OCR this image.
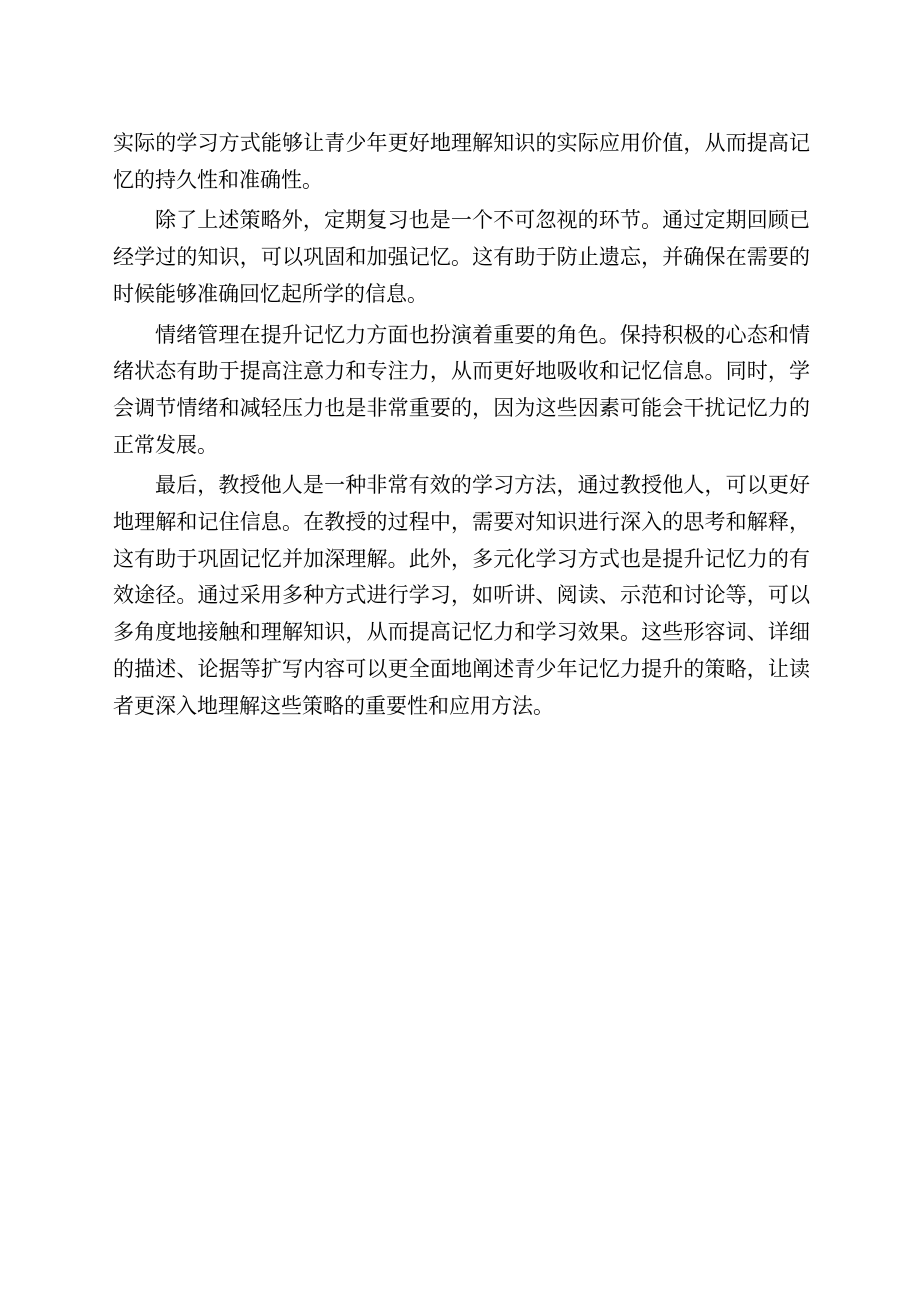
实际的学习方式能够让青少年更好地理解知识的实际应用价值，从而提高记忆的持久性和准确性。

除了上述策略外，定期复习也是一个不可忽视的环节。通过定期回顾已经学过的知识，可以巩固和加强记忆。这有助于防止遗忘，并确保在需要的时候能够准确回忆起所学的信息。

情绪管理在提升记忆力方面也扮演着重要的角色。保持积极的心态和情绪状态有助于提高注意力和专注力，从而更好地吸收和记忆信息。同时，学会调节情绪和减轻压力也是非常重要的，因为这些因素可能会干扰记忆力的正常发展。

最后，教授他人是一种非常有效的学习方法，通过教授他人，可以更好地理解和记住信息。在教授的过程中，需要对知识进行深入的思考和解释，这有助于巩固记忆并加深理解。此外，多元化学习方式也是提升记忆力的有效途径。通过采用多种方式进行学习，如听讲、阅读、示范和讨论等，可以多角度地接触和理解知识，从而提高记忆力和学习效果。这些形容词、详细的描述、论据等扩写内容可以更全面地阐述青少年记忆力提升的策略，让读者更深入地理解这些策略的重要性和应用方法。
